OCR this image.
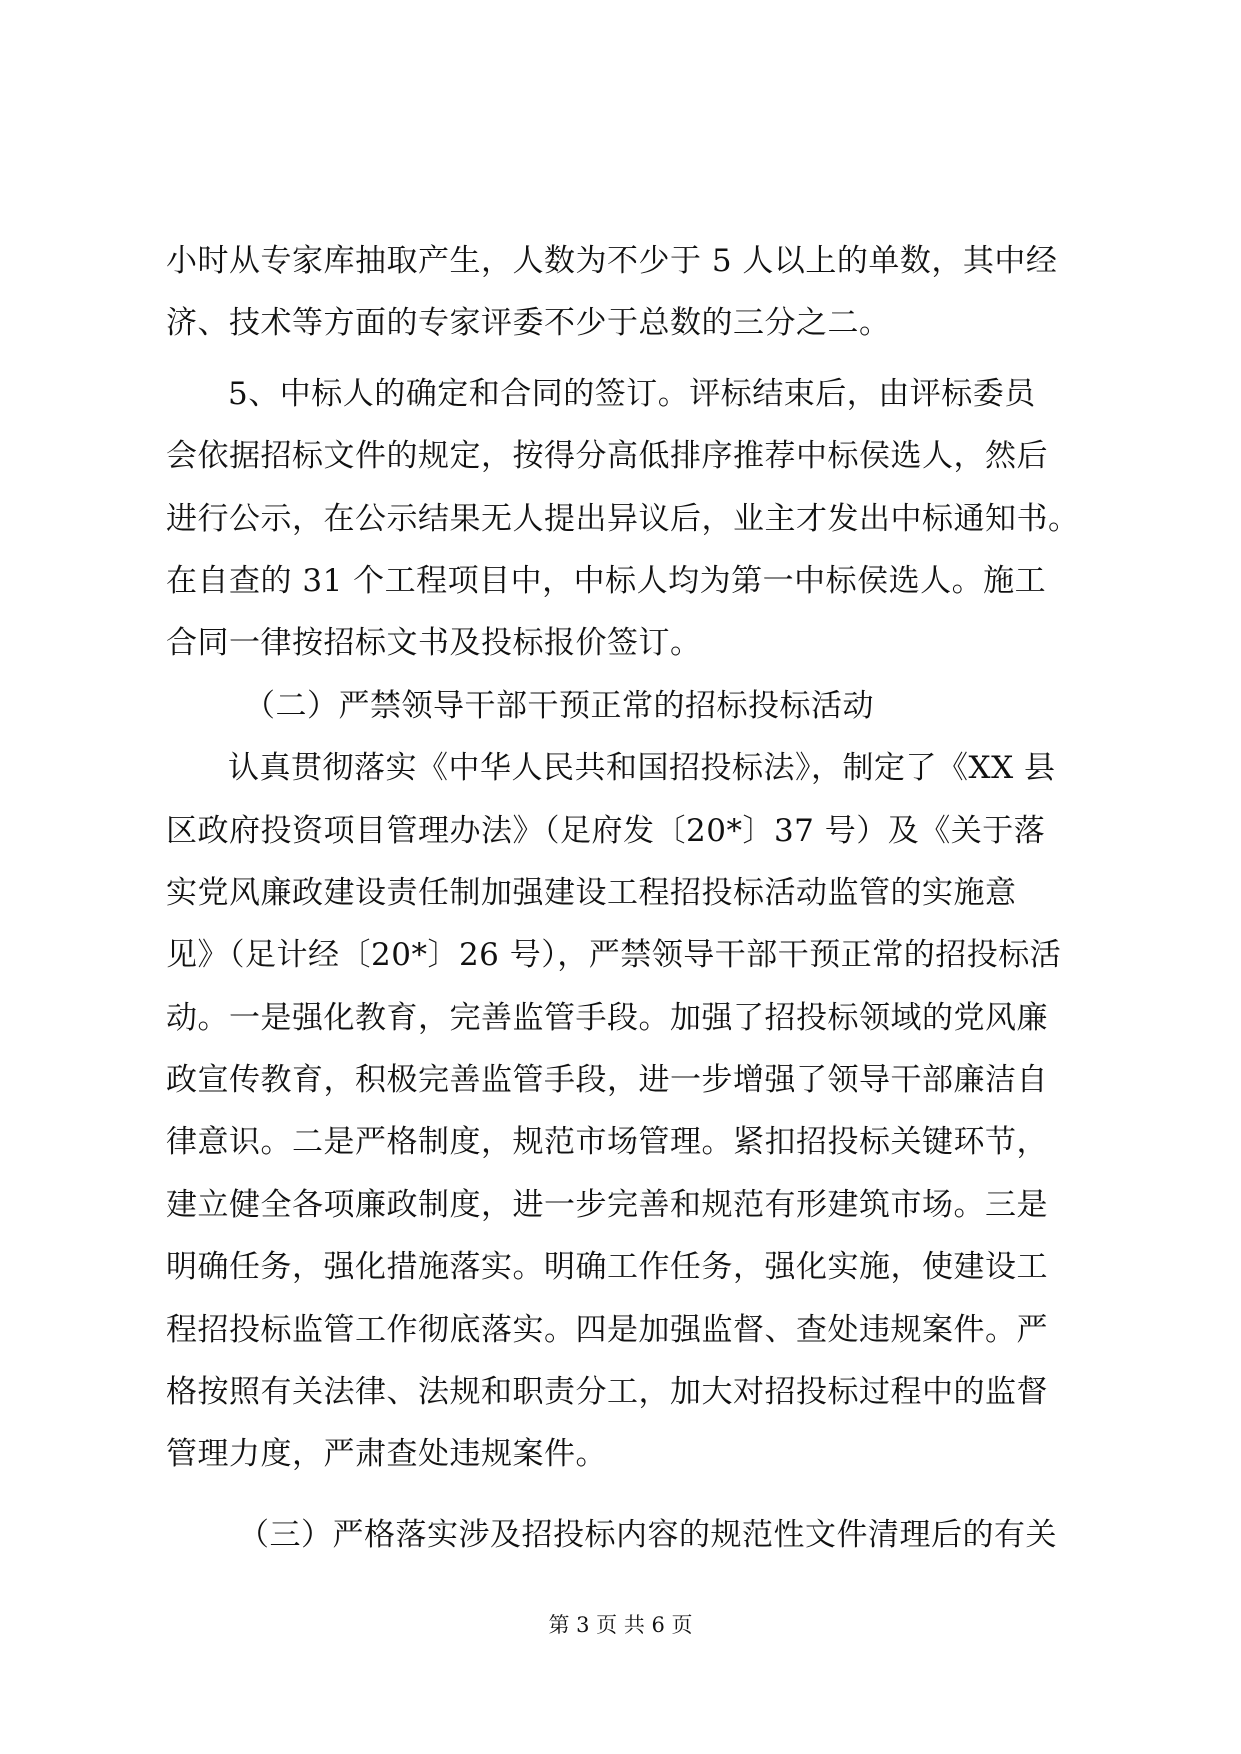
小时从专家库抽取产生，人数为不少于 5 人以上的单数，其中经
济、技术等方面的专家评委不少于总数的三分之二。
5、中标人的确定和合同的签订。评标结束后，由评标委员
会依据招标文件的规定，按得分高低排序推荐中标侯选人，然后
进行公示，在公示结果无人提出异议后，业主才发出中标通知书。
在自查的 31 个工程项目中，中标人均为第一中标侯选人。施工
合同一律按招标文书及投标报价签订。
（二）严禁领导干部干预正常的招标投标活动
认真贯彻落实《中华人民共和国招投标法》，制定了《XX 县
区政府投资项目管理办法》（足府发〔20*〕37 号）及《关于落
实党风廉政建设责任制加强建设工程招投标活动监管的实施意
见》（足计经〔20*〕26 号），严禁领导干部干预正常的招投标活
动。一是强化教育，完善监管手段。加强了招投标领域的党风廉
政宣传教育，积极完善监管手段，进一步增强了领导干部廉洁自
律意识。二是严格制度，规范市场管理。紧扣招投标关键环节，
建立健全各项廉政制度，进一步完善和规范有形建筑市场。三是
明确任务，强化措施落实。明确工作任务，强化实施，使建设工
程招投标监管工作彻底落实。四是加强监督、查处违规案件。严
格按照有关法律、法规和职责分工，加大对招投标过程中的监督
管理力度，严肃查处违规案件。
（三）严格落实涉及招投标内容的规范性文件清理后的有关
第 3 页 共 6 页
